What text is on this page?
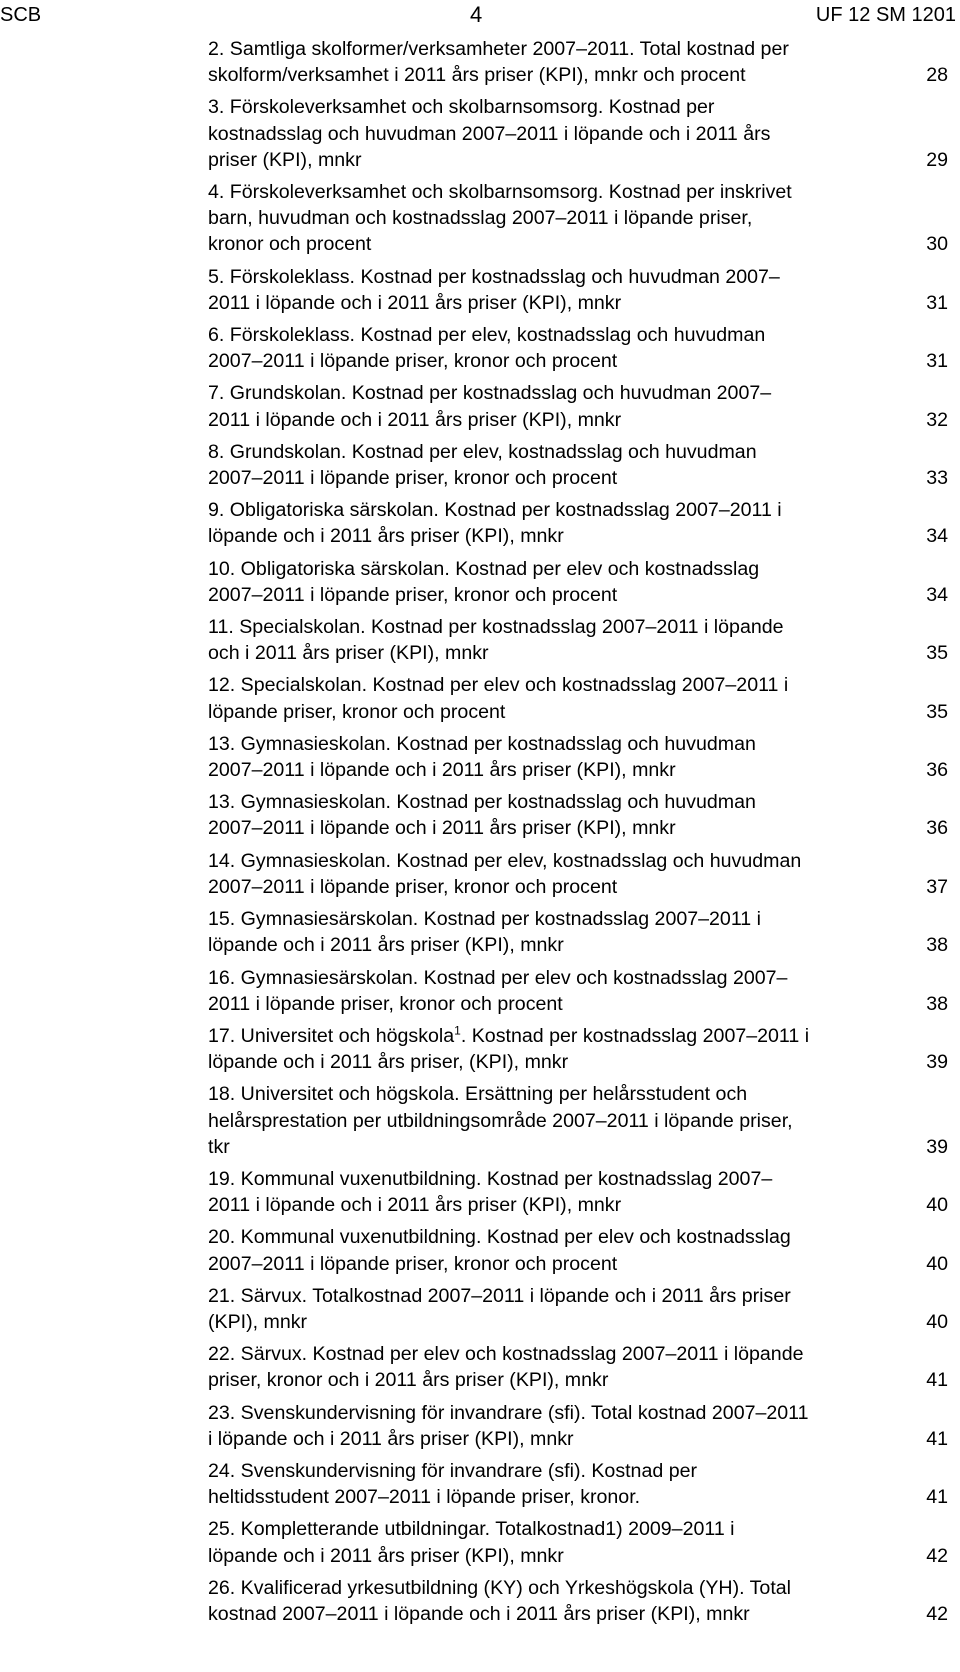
SCB	4	UF 12 SM 1201
2. Samtliga skolformer/verksamheter 2007–2011. Total kostnad per
skolform/verksamhet i 2011 års priser (KPI), mnkr och procent	28
3. Förskoleverksamhet och skolbarnsomsorg. Kostnad per
kostnadsslag och huvudman 2007–2011 i löpande och i 2011 års
priser (KPI), mnkr	29
4. Förskoleverksamhet och skolbarnsomsorg. Kostnad per inskrivet
barn, huvudman och kostnadsslag 2007–2011 i löpande priser,
kronor och procent	30
5. Förskoleklass. Kostnad per kostnadsslag och huvudman 2007–
2011 i löpande och i 2011 års priser (KPI), mnkr	31
6. Förskoleklass. Kostnad per elev, kostnadsslag och huvudman
2007–2011 i löpande priser, kronor och procent	31
7. Grundskolan. Kostnad per kostnadsslag och huvudman 2007–
2011 i löpande och i 2011 års priser (KPI), mnkr	32
8. Grundskolan. Kostnad per elev, kostnadsslag och huvudman
2007–2011 i löpande priser, kronor och procent	33
9. Obligatoriska särskolan. Kostnad per kostnadsslag 2007–2011 i
löpande och i 2011 års priser (KPI), mnkr	34
10. Obligatoriska särskolan. Kostnad per elev och kostnadsslag
2007–2011 i löpande priser, kronor och procent	34
11. Specialskolan. Kostnad per kostnadsslag 2007–2011 i löpande
och i 2011 års priser (KPI), mnkr	35
12. Specialskolan. Kostnad per elev och kostnadsslag 2007–2011 i
löpande priser, kronor och procent	35
13. Gymnasieskolan. Kostnad per kostnadsslag och huvudman
2007–2011 i löpande och i 2011 års priser (KPI), mnkr	36
13. Gymnasieskolan. Kostnad per kostnadsslag och huvudman
2007–2011 i löpande och i 2011 års priser (KPI), mnkr	36
14. Gymnasieskolan. Kostnad per elev, kostnadsslag och huvudman
2007–2011 i löpande priser, kronor och procent	37
15. Gymnasiesärskolan. Kostnad per kostnadsslag 2007–2011 i
löpande och i 2011 års priser (KPI), mnkr	38
16. Gymnasiesärskolan. Kostnad per elev och kostnadsslag 2007–
2011 i löpande priser, kronor och procent	38
17. Universitet och högskola$^1$. Kostnad per kostnadsslag 2007–2011 i
löpande och i 2011 års priser, (KPI), mnkr	39
18. Universitet och högskola. Ersättning per helårsstudent och
helårsprestation per utbildningsområde 2007–2011 i löpande priser,
tkr	39
19. Kommunal vuxenutbildning. Kostnad per kostnadsslag 2007–
2011 i löpande och i 2011 års priser (KPI), mnkr	40
20. Kommunal vuxenutbildning. Kostnad per elev och kostnadsslag
2007–2011 i löpande priser, kronor och procent	40
21. Särvux. Totalkostnad 2007–2011 i löpande och i 2011 års priser
(KPI), mnkr	40
22. Särvux. Kostnad per elev och kostnadsslag 2007–2011 i löpande
priser, kronor och i 2011 års priser (KPI), mnkr	41
23. Svenskundervisning för invandrare (sfi). Total kostnad 2007–2011
i löpande och i 2011 års priser (KPI), mnkr	41
24. Svenskundervisning för invandrare (sfi). Kostnad per
heltidsstudent 2007–2011 i löpande priser, kronor.	41
25. Kompletterande utbildningar. Totalkostnad1) 2009–2011 i
löpande och i 2011 års priser (KPI), mnkr	42
26. Kvalificerad yrkesutbildning (KY) och Yrkeshögskola (YH). Total
kostnad 2007–2011 i löpande och i 2011 års priser (KPI), mnkr	42
